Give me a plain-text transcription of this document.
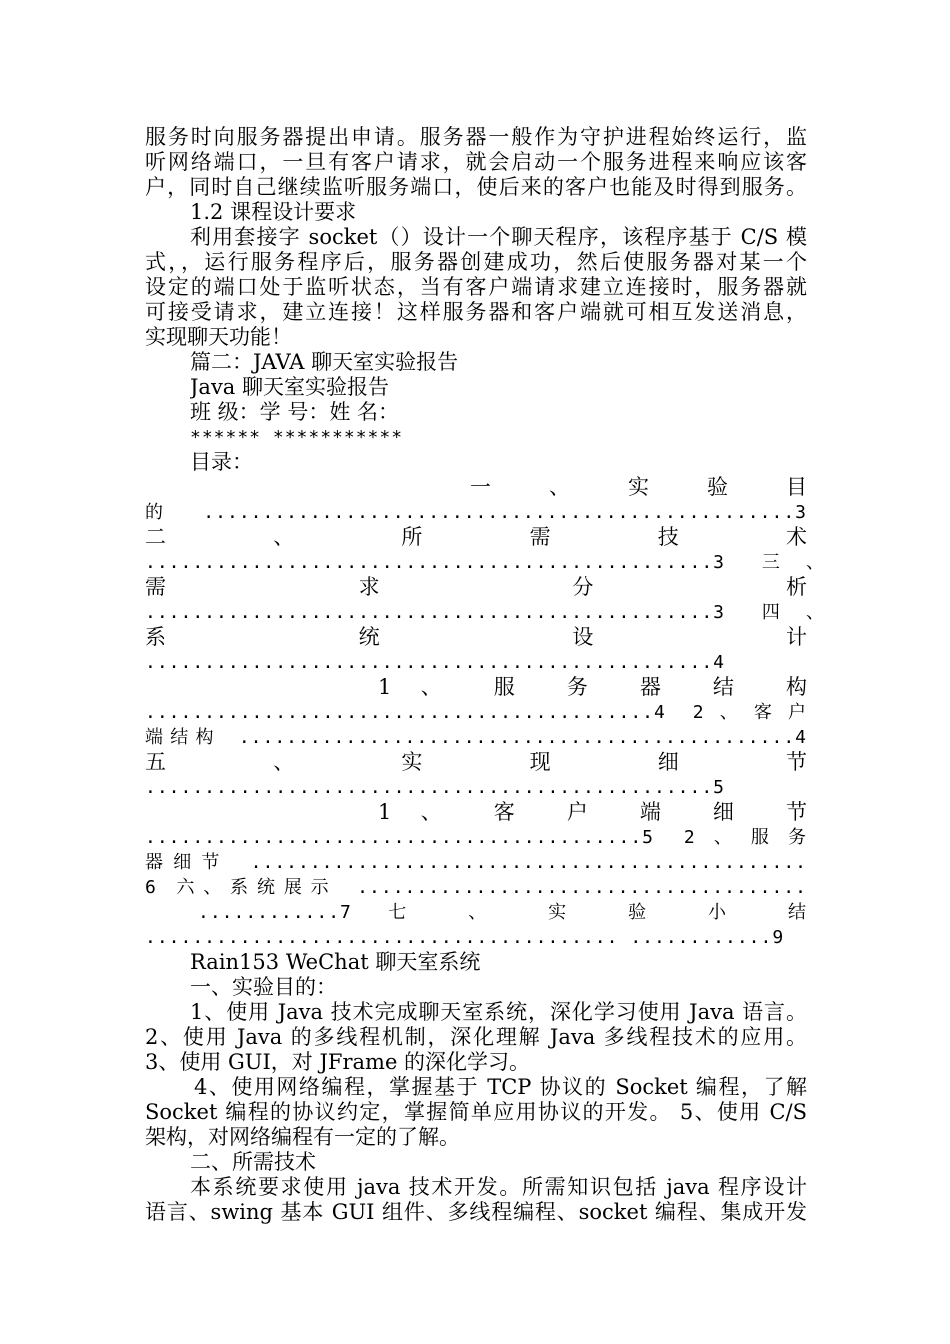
服务时向服务器提出申请。服务器一般作为守护进程始终运行，监
听网络端口，一旦有客户请求，就会启动一个服务进程来响应该客
户，同时自己继续监听服务端口，使后来的客户也能及时得到服务。
1.2 课程设计要求
利用套接字 socket（）设计一个聊天程序，该程序基于 C/S 模
式，，运行服务程序后，服务器创建成功，然后使服务器对某一个
设定的端口处于监听状态，当有客户端请求建立连接时，服务器就
可接受请求，建立连接！这样服务器和客户端就可相互发送消息，
实现聊天功能！
篇二：JAVA 聊天室实验报告
Java 聊天室实验报告
班 级：学 号：姓 名：
****** ***********
目录：
一 、 实 验 目
的 ..................................................3
二 、 所 需 技 术
................................................3 三、
需 求 分 析
................................................3 四、
系 统 设 计
................................................4
1 、 服 务 器 结 构
...........................................4 2、客户
端结构 ...............................................4
五 、 实 现 细 节
................................................5
1 、 客 户 端 细 节
..........................................5 2、服务
器细节 ...............................................
6 六、系统展示 ......................................
............7 七 、 实 验 小 结
........................................ ............9
Rain153 WeChat 聊天室系统
一、实验目的：
1、使用 Java 技术完成聊天室系统，深化学习使用 Java 语言。
2、使用 Java 的多线程机制，深化理解 Java 多线程技术的应用。
3、使用 GUI，对 JFrame 的深化学习。
4、使用网络编程，掌握基于 TCP 协议的 Socket 编程，了解
Socket 编程的协议约定，掌握简单应用协议的开发。 5、使用 C/S
架构，对网络编程有一定的了解。
二、所需技术
本系统要求使用 java 技术开发。所需知识包括 java 程序设计
语言、swing 基本 GUI 组件、多线程编程、socket 编程、集成开发
